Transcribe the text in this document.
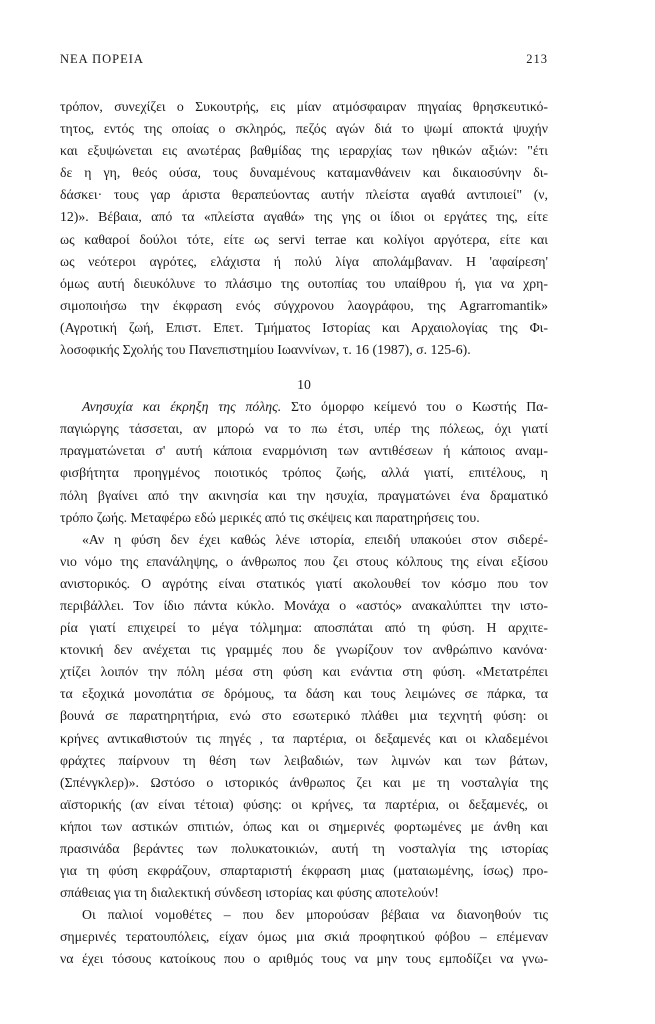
ΝΕΑ ΠΟΡΕΙΑ	213
τρόπον, συνεχίζει ο Συκουτρής, εις μίαν ατμόσφαιραν πηγαίας θρησκευτικό-
τητος, εντός της οποίας ο σκληρός, πεζός αγών διά το ψωμί αποκτά ψυχήν
και εξυψώνεται εις ανωτέρας βαθμίδας της ιεραρχίας των ηθικών αξιών: "έτι
δε η γη, θεός ούσα, τους δυναμένους καταμανθάνειν και δικαιοσύνην δι-
δάσκει· τους γαρ άριστα θεραπεύοντας αυτήν πλείστα αγαθά αντιποιεί" (ν,
12)». Βέβαια, από τα «πλείστα αγαθά» της γης οι ίδιοι οι εργάτες της, είτε
ως καθαροί δούλοι τότε, είτε ως servi terrae και κολίγοι αργότερα, είτε και
ως νεότεροι αγρότες, ελάχιστα ή πολύ λίγα απολάμβαναν. Η 'αφαίρεση'
όμως αυτή διευκόλυνε το πλάσιμο της ουτοπίας του υπαίθρου ή, για να χρη-
σιμοποιήσω την έκφραση ενός σύγχρονου λαογράφου, της Agrarromantik»
(Αγροτική ζωή, Επιστ. Επετ. Τμήματος Ιστορίας και Αρχαιολογίας της Φι-
λοσοφικής Σχολής του Πανεπιστημίου Ιωαννίνων, τ. 16 (1987), σ. 125-6).
10
Ανησυχία και έκρηξη της πόλης. Στο όμορφο κείμενό του ο Κωστής Πα-
παγιώργης τάσσεται, αν μπορώ να το πω έτσι, υπέρ της πόλεως, όχι γιατί
πραγματώνεται σ' αυτή κάποια εναρμόνιση των αντιθέσεων ή κάποιος αναμ-
φισβήτητα προηγμένος ποιοτικός τρόπος ζωής, αλλά γιατί, επιτέλους, η
πόλη βγαίνει από την ακινησία και την ησυχία, πραγματώνει ένα δραματικό
τρόπο ζωής. Μεταφέρω εδώ μερικές από τις σκέψεις και παρατηρήσεις του.
«Αν η φύση δεν έχει καθώς λένε ιστορία, επειδή υπακούει στον σιδερέ-
νιο νόμο της επανάληψης, ο άνθρωπος που ζει στους κόλπους της είναι εξίσου
ανιστορικός. Ο αγρότης είναι στατικός γιατί ακολουθεί τον κόσμο που τον
περιβάλλει. Τον ίδιο πάντα κύκλο. Μονάχα ο «αστός» ανακαλύπτει την ιστο-
ρία γιατί επιχειρεί το μέγα τόλμημα: αποσπάται από τη φύση. Η αρχιτε-
κτονική δεν ανέχεται τις γραμμές που δε γνωρίζουν τον ανθρώπινο κανόνα·
χτίζει λοιπόν την πόλη μέσα στη φύση και ενάντια στη φύση. «Μετατρέπει
τα εξοχικά μονοπάτια σε δρόμους, τα δάση και τους λειμώνες σε πάρκα, τα
βουνά σε παρατηρητήρια, ενώ στο εσωτερικό πλάθει μια τεχνητή φύση: οι
κρήνες αντικαθιστούν τις πηγές , τα παρτέρια, οι δεξαμενές και οι κλαδεμένοι
φράχτες παίρνουν τη θέση των λειβαδιών, των λιμνών και των βάτων,
(Σπένγκλερ)». Ωστόσο ο ιστορικός άνθρωπος ζει και με τη νοσταλγία της
αϊστορικής (αν είναι τέτοια) φύσης: οι κρήνες, τα παρτέρια, οι δεξαμενές, οι
κήποι των αστικών σπιτιών, όπως και οι σημερινές φορτωμένες με άνθη και
πρασινάδα βεράντες των πολυκατοικιών, αυτή τη νοσταλγία της ιστορίας
για τη φύση εκφράζουν, σπαρταριστή έκφραση μιας (ματαιωμένης, ίσως) προ-
σπάθειας για τη διαλεκτική σύνδεση ιστορίας και φύσης αποτελούν!
Οι παλιοί νομοθέτες – που δεν μπορούσαν βέβαια να διανοηθούν τις
σημερινές τερατουπόλεις, είχαν όμως μια σκιά προφητικού φόβου – επέμεναν
να έχει τόσους κατοίκους που ο αριθμός τους να μην τους εμποδίζει να γνω-
